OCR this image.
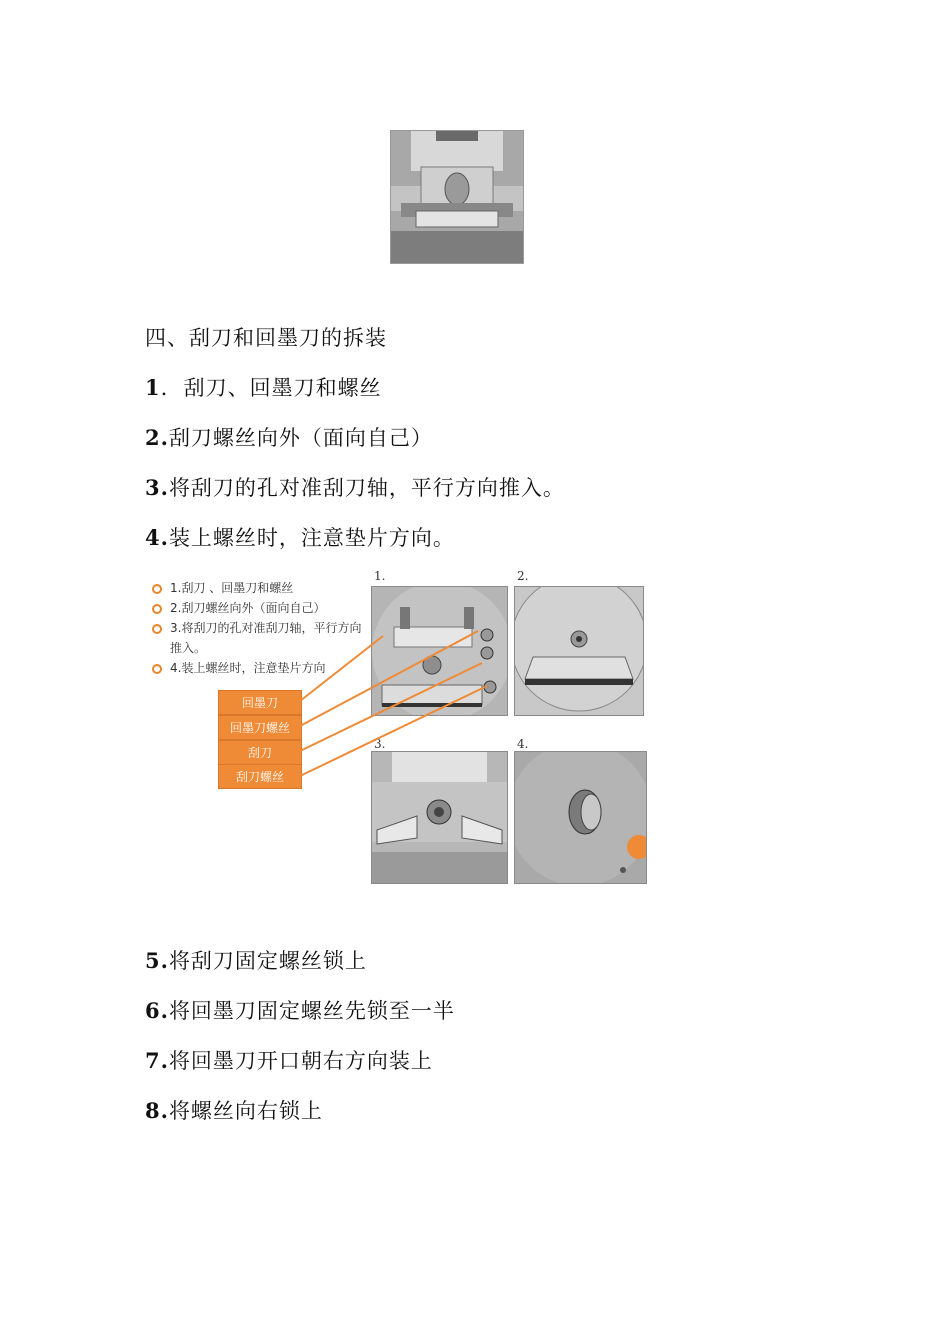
四、刮刀和回墨刀的拆装
1.  刮刀、回墨刀和螺丝
2.刮刀螺丝向外（面向自己）
3.将刮刀的孔对准刮刀轴，平行方向推入。
4.装上螺丝时，注意垫片方向。
1.刮刀 、回墨刀和螺丝
2.刮刀螺丝向外（面向自己）
3.将刮刀的孔对准刮刀轴，平行方向推入。
4.装上螺丝时，注意垫片方向
回墨刀
回墨刀螺丝
刮刀
刮刀螺丝
1.	2.
3.	4.
5.将刮刀固定螺丝锁上
6.将回墨刀固定螺丝先锁至一半
7.将回墨刀开口朝右方向装上
8.将螺丝向右锁上
